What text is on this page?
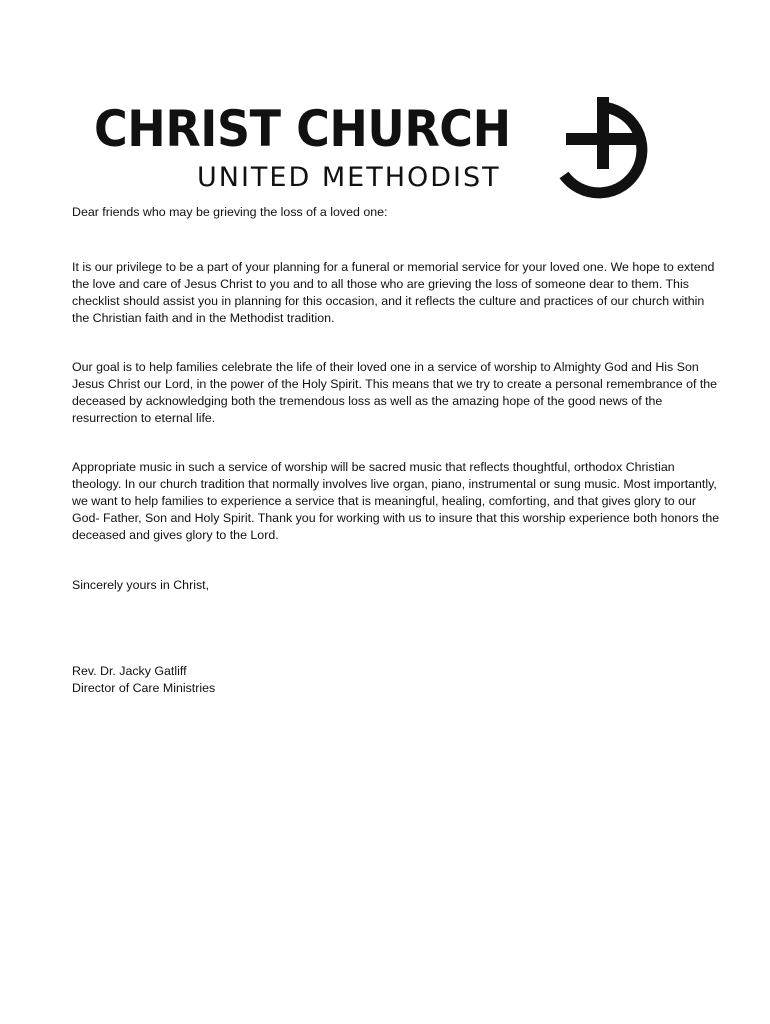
CHRIST CHURCH
UNITED METHODIST

Dear friends who may be grieving the loss of a loved one:

It is our privilege to be a part of your planning for a funeral or memorial service for your loved one. We hope to extend the love and care of Jesus Christ to you and to all those who are grieving the loss of someone dear to them. This checklist should assist you in planning for this occasion, and it reflects the culture and practices of our church within the Christian faith and in the Methodist tradition.

Our goal is to help families celebrate the life of their loved one in a service of worship to Almighty God and His Son Jesus Christ our Lord, in the power of the Holy Spirit. This means that we try to create a personal remembrance of the deceased by acknowledging both the tremendous loss as well as the amazing hope of the good news of the resurrection to eternal life.

Appropriate music in such a service of worship will be sacred music that reflects thoughtful, orthodox Christian theology. In our church tradition that normally involves live organ, piano, instrumental or sung music. Most importantly, we want to help families to experience a service that is meaningful, healing, comforting, and that gives glory to our God- Father, Son and Holy Spirit. Thank you for working with us to insure that this worship experience both honors the deceased and gives glory to the Lord.

Sincerely yours in Christ,

Rev. Dr. Jacky Gatliff

Director of Care Ministries
